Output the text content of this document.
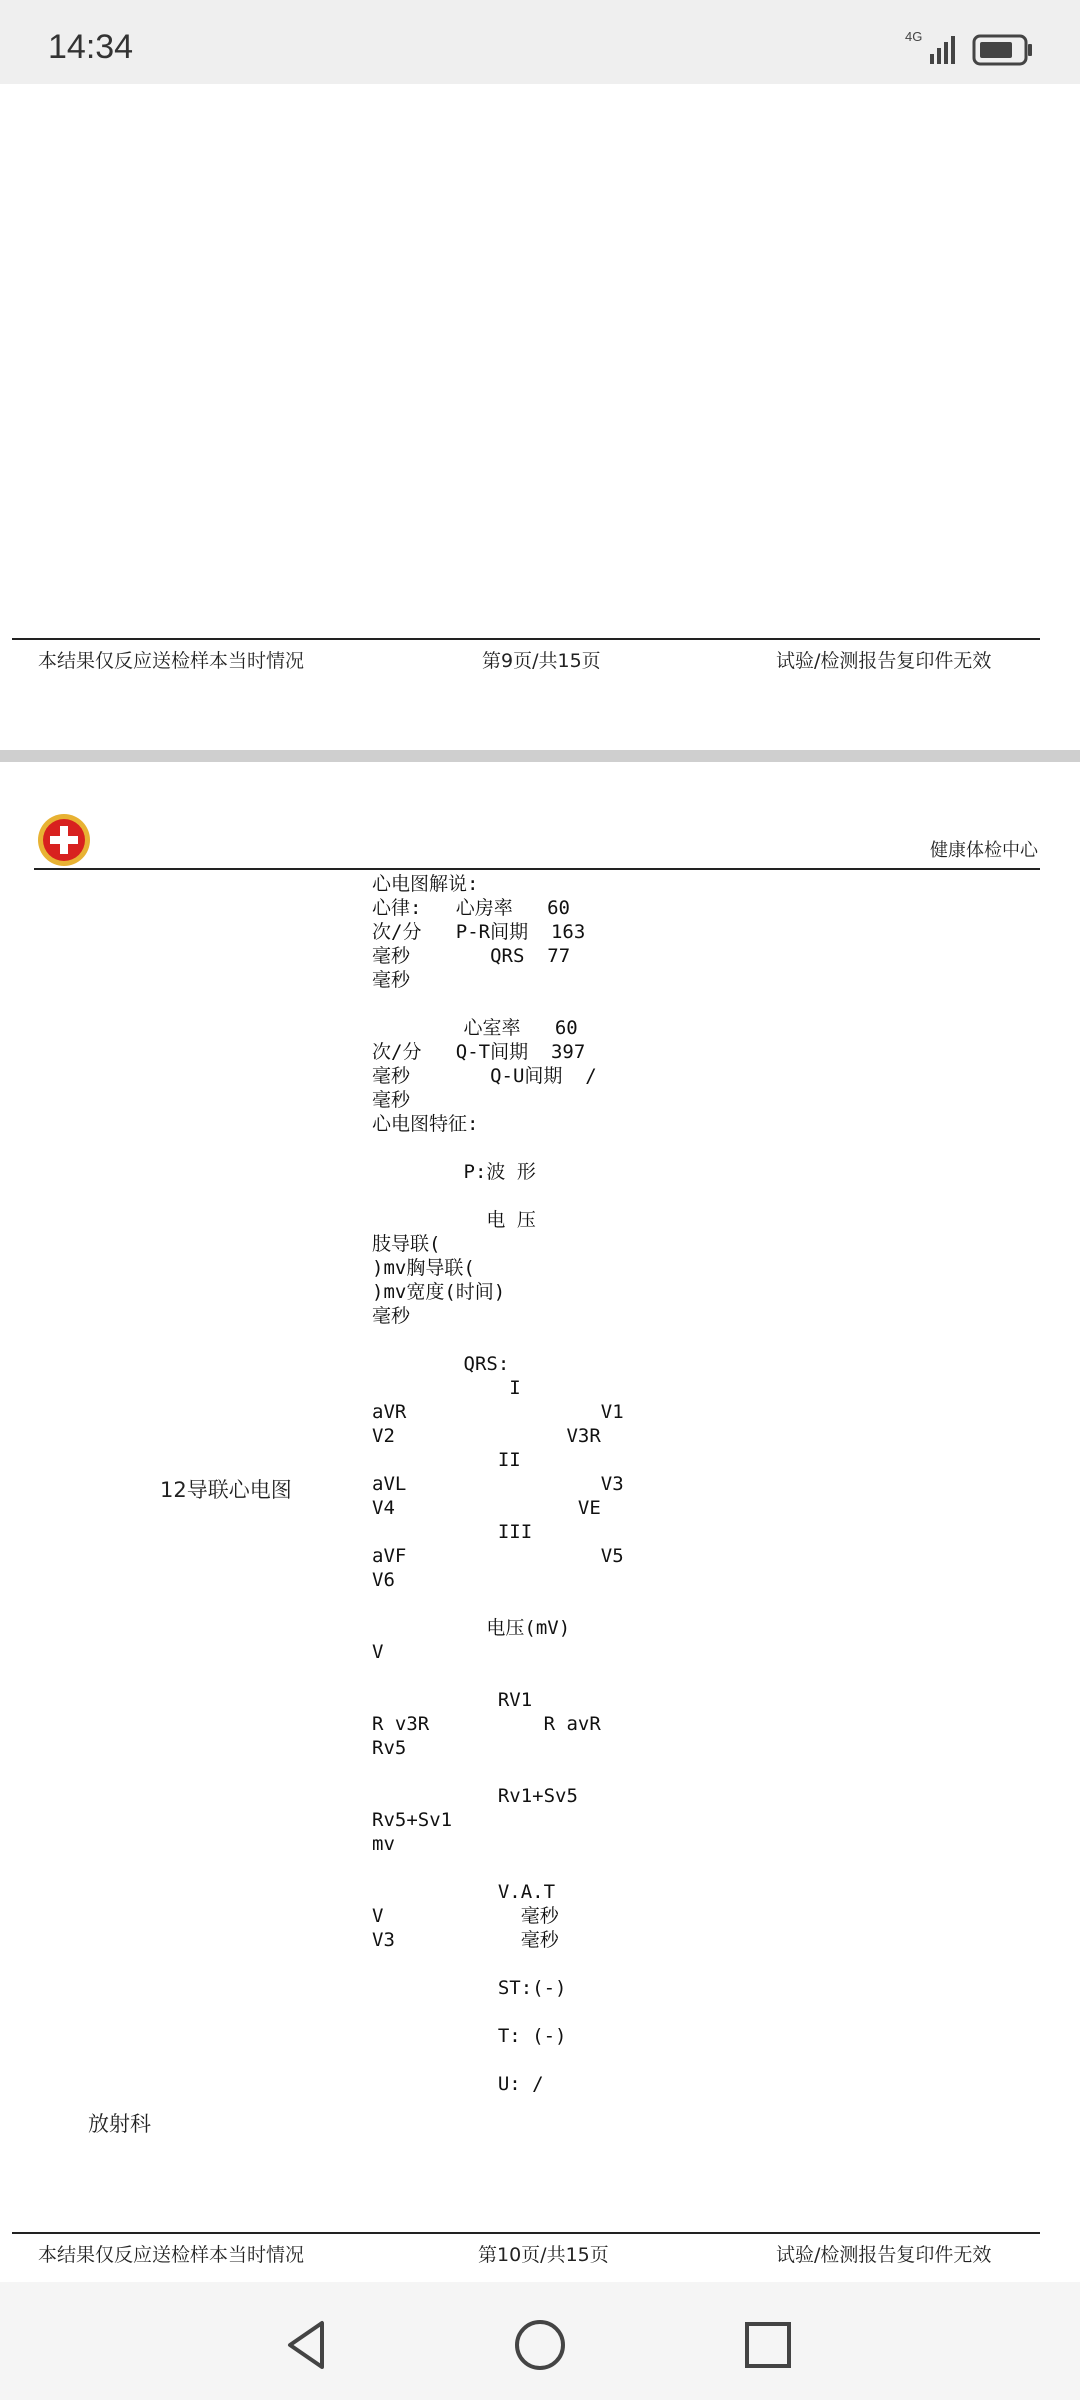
14:34	4G
本结果仅反应送检样本当时情况	第9页/共15页	试验/检测报告复印件无效
健康体检中心
12导联心电图
心电图解说:
心律:   心房率   60
次/分   P-R间期  163
毫秒       QRS  77
毫秒

心室率   60
次/分   Q-T间期  397
毫秒       Q-U间期  /
毫秒
心电图特征:

P:波 形

电 压
肢导联(
)mv胸导联(
)mv宽度(时间)
毫秒

QRS:
I
aVR                 V1
V2               V3R
II
aVL                 V3
V4                VE
III
aVF                 V5
V6

电压(mV)
V

RV1
R v3R          R avR
Rv5

Rv1+Sv5
Rv5+Sv1
mv

V.A.T
V            毫秒
V3           毫秒

ST:(-)

T: (-)

U: /
放射科
本结果仅反应送检样本当时情况	第10页/共15页	试验/检测报告复印件无效
